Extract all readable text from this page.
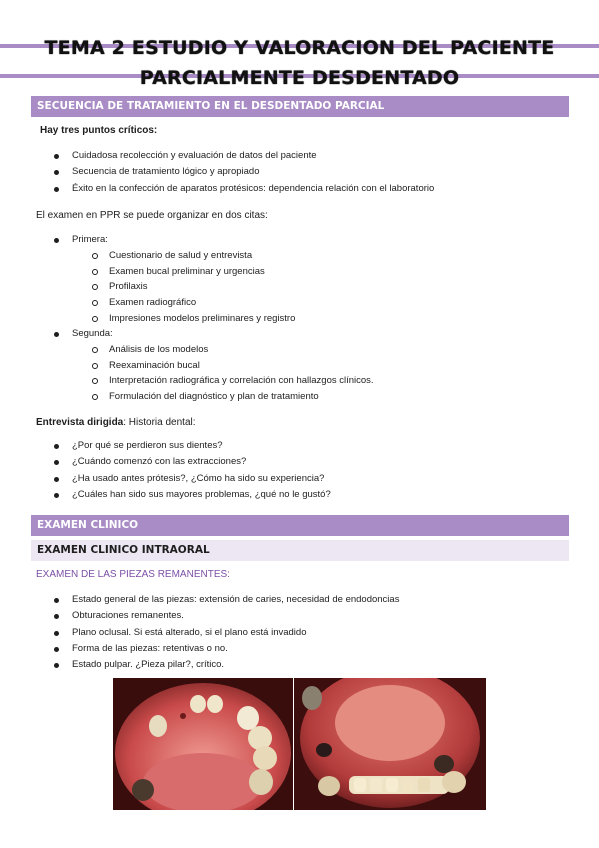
TEMA 2 ESTUDIO Y VALORACION DEL PACIENTE
PARCIALMENTE DESDENTADO
SECUENCIA DE TRATAMIENTO EN EL DESDENTADO PARCIAL
Hay tres puntos críticos:
Cuidadosa recolección y evaluación de datos del paciente
Secuencia de tratamiento lógico y apropiado
Éxito en la confección de aparatos protésicos: dependencia relación con el laboratorio
El examen en PPR se puede organizar en dos citas:
Primera:
Cuestionario de salud y entrevista
Examen bucal preliminar y urgencias
Profilaxis
Examen radiográfico
Impresiones modelos preliminares y registro
Segunda:
Análisis de los modelos
Reexaminación bucal
Interpretación radiográfica y correlación con hallazgos clínicos.
Formulación del diagnóstico y plan de tratamiento
Entrevista dirigida: Historia dental:
¿Por qué se perdieron sus dientes?
¿Cuándo comenzó con las extracciones?
¿Ha usado antes prótesis?, ¿Cómo ha sido su experiencia?
¿Cuáles han sido sus mayores problemas, ¿qué no le gustó?
EXAMEN CLINICO
EXAMEN CLINICO INTRAORAL
EXAMEN DE LAS PIEZAS REMANENTES:
Estado general de las piezas: extensión de caries, necesidad de endodoncias
Obturaciones remanentes.
Plano oclusal. Si está alterado, si el plano está invadido
Forma de las piezas: retentivas o no.
Estado pulpar. ¿Pieza pilar?, crítico.
